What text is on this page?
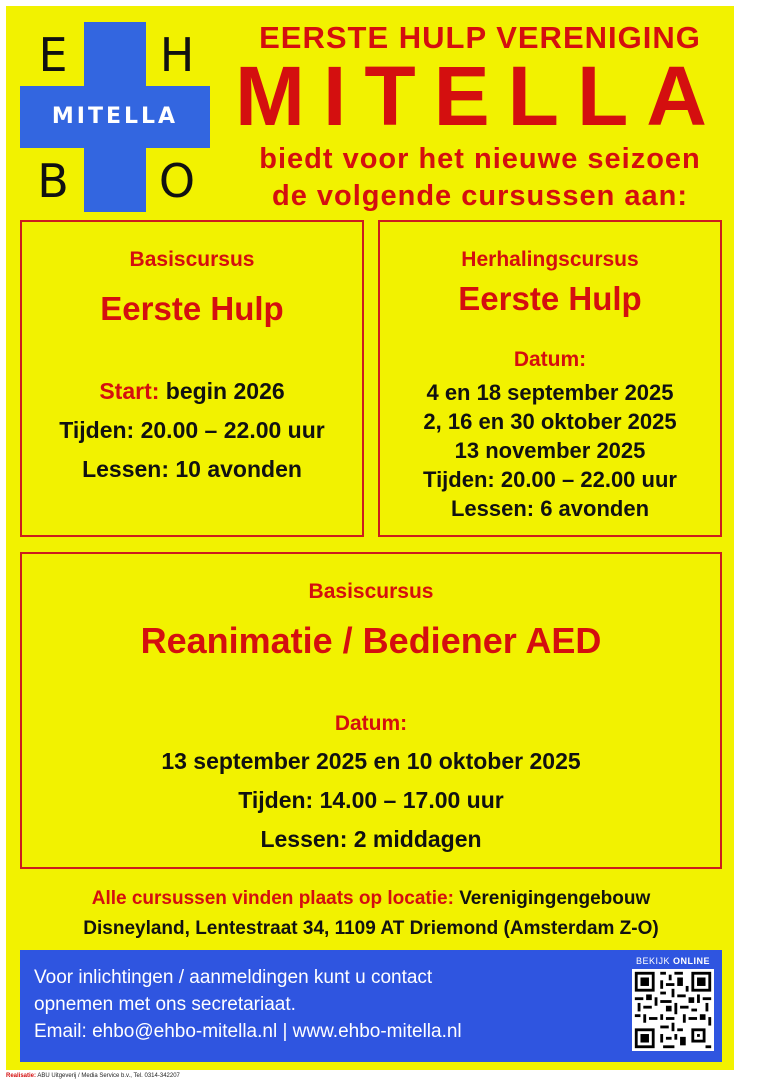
E H
B O
MITELLA
EERSTE HULP VERENIGING
MITELLA
biedt voor het nieuwe seizoen
de volgende cursussen aan:
Basiscursus
Eerste Hulp
Start: begin 2026
Tijden: 20.00 – 22.00 uur
Lessen: 10 avonden
Herhalingscursus
Eerste Hulp
Datum:
4 en 18 september 2025
2, 16 en 30 oktober 2025
13 november 2025
Tijden: 20.00 – 22.00 uur
Lessen: 6 avonden
Basiscursus
Reanimatie / Bediener AED
Datum:
13 september 2025 en 10 oktober 2025
Tijden: 14.00 – 17.00 uur
Lessen: 2 middagen
Alle cursussen vinden plaats op locatie: Verenigingengebouw
Disneyland, Lentestraat 34, 1109 AT Driemond (Amsterdam Z-O)
Voor inlichtingen / aanmeldingen kunt u contact
opnemen met ons secretariaat.
Email: ehbo@ehbo-mitella.nl | www.ehbo-mitella.nl
BEKIJK ONLINE
Realisatie: ABU Uitgeverij / Media Service b.v., Tel. 0314-342207
